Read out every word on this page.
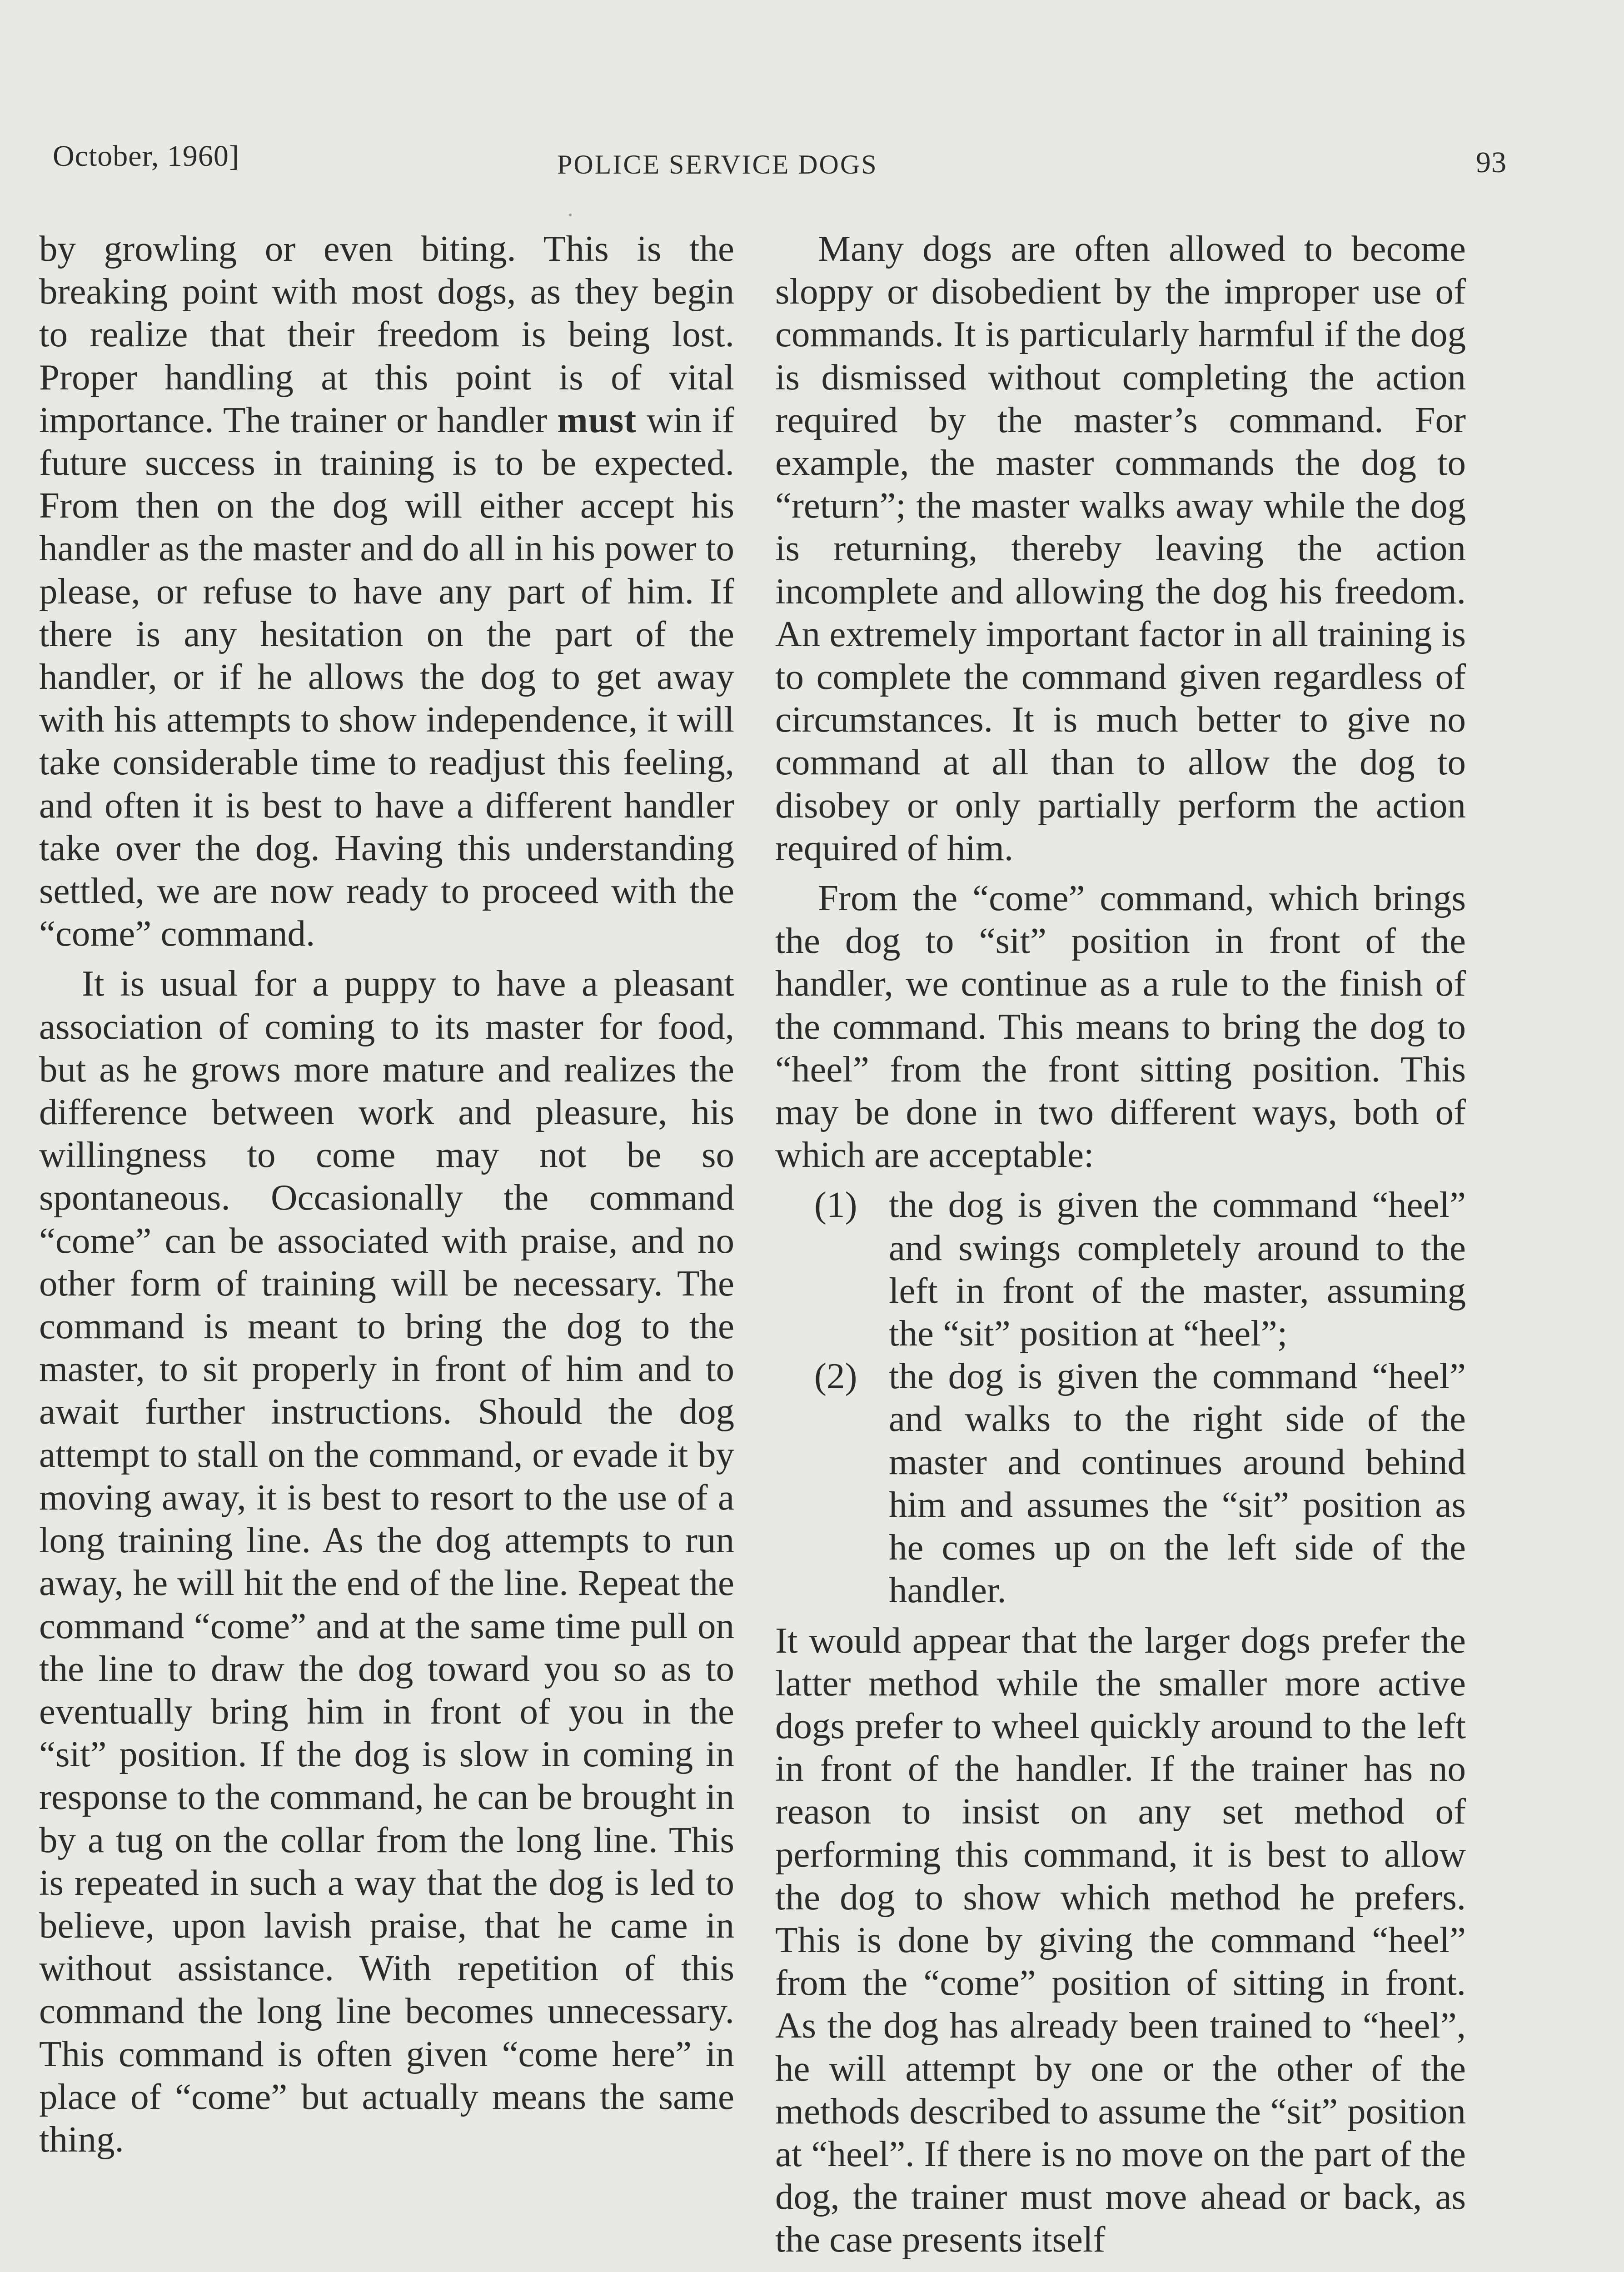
October, 1960]	POLICE SERVICE DOGS	93

by growling or even biting. This is the breaking point with most dogs, as they begin to realize that their freedom is being lost. Proper handling at this point is of vital importance. The trainer or handler must win if future success in training is to be expected. From then on the dog will either accept his handler as the master and do all in his power to please, or refuse to have any part of him. If there is any hesitation on the part of the handler, or if he allows the dog to get away with his attempts to show independence, it will take considerable time to readjust this feeling, and often it is best to have a different handler take over the dog. Having this understanding settled, we are now ready to proceed with the “come” command.

It is usual for a puppy to have a pleasant association of coming to its master for food, but as he grows more mature and realizes the difference between work and pleasure, his willingness to come may not be so spontaneous. Occasionally the command “come” can be associated with praise, and no other form of training will be necessary. The command is meant to bring the dog to the master, to sit properly in front of him and to await further instructions. Should the dog attempt to stall on the command, or evade it by moving away, it is best to resort to the use of a long training line. As the dog attempts to run away, he will hit the end of the line. Repeat the command “come” and at the same time pull on the line to draw the dog toward you so as to eventually bring him in front of you in the “sit” position. If the dog is slow in coming in response to the command, he can be brought in by a tug on the collar from the long line. This is repeated in such a way that the dog is led to believe, upon lavish praise, that he came in without assistance. With repetition of this command the long line becomes unnecessary. This command is often given “come here” in place of “come” but actually means the same thing.

Many dogs are often allowed to become sloppy or disobedient by the improper use of commands. It is particularly harmful if the dog is dismissed without completing the action required by the master’s command. For example, the master commands the dog to “return”; the master walks away while the dog is returning, thereby leaving the action incomplete and allowing the dog his freedom. An extremely important factor in all training is to complete the command given regardless of circumstances. It is much better to give no command at all than to allow the dog to disobey or only partially perform the action required of him.

From the “come” command, which brings the dog to “sit” position in front of the handler, we continue as a rule to the finish of the command. This means to bring the dog to “heel” from the front sitting position. This may be done in two different ways, both of which are acceptable:

(1) the dog is given the command “heel” and swings completely around to the left in front of the master, assuming the “sit” position at “heel”;
(2) the dog is given the command “heel” and walks to the right side of the master and continues around behind him and assumes the “sit” position as he comes up on the left side of the handler.

It would appear that the larger dogs prefer the latter method while the smaller more active dogs prefer to wheel quickly around to the left in front of the handler. If the trainer has no reason to insist on any set method of performing this command, it is best to allow the dog to show which method he prefers. This is done by giving the command “heel” from the “come” position of sitting in front. As the dog has already been trained to “heel”, he will attempt by one or the other of the methods described to assume the “sit” position at “heel”. If there is no move on the part of the dog, the trainer must move ahead or back, as the case presents itself
